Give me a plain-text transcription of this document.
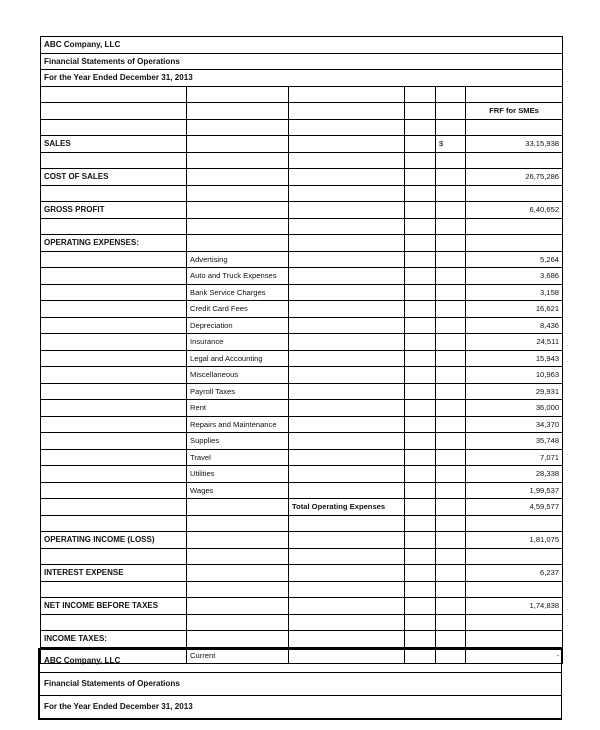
ABC Company, LLC					
Financial Statements of Operations					
For the Year Ended December 31, 2013					

					FRF for SMEs

SALES				$	33,15,938

COST OF SALES					26,75,286

GROSS PROFIT					6,40,652

OPERATING EXPENSES:					
	Advertising				5,264
	Auto and Truck Expenses				3,686
	Bank Service Charges				3,158
	Credit Card Fees				16,621
	Depreciation				8,436
	Insurance				24,511
	Legal and Accounting				15,943
	Miscellaneous				10,963
	Payroll Taxes				29,931
	Rent				36,000
	Repairs and Maintenance				34,370
	Supplies				35,748
	Travel				7,071
	Utilities				28,338
	Wages				1,99,537
		Total Operating Expenses			4,59,577

OPERATING INCOME (LOSS)					1,81,075

INTEREST EXPENSE					6,237

NET INCOME BEFORE TAXES					1,74,838

INCOME TAXES:					
	Current				-
ABC Company, LLC
Financial Statements of Operations
For the Year Ended December 31, 2013
